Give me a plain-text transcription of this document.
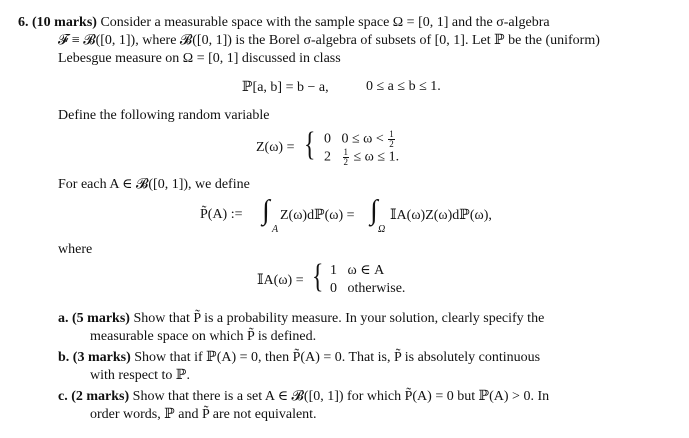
6. (10 marks) Consider a measurable space with the sample space Ω = [0, 1] and the σ-algebra
𝓕 ≡ 𝓑([0, 1]), where 𝓑([0, 1]) is the Borel σ-algebra of subsets of [0, 1]. Let ℙ be the (uniform)
Lebesgue measure on Ω = [0, 1] discussed in class
ℙ[a, b] = b − a,	0 ≤ a ≤ b ≤ 1.
Define the following random variable
Z(ω) = { 0 $0 \le \omega < \frac{1}{2}$
$2 \frac{1}{2} \le \omega \le 1$.
For each A ∈ 𝓑([0, 1]), we define
P̃(A) := ∫
A
Z(ω)dℙ(ω) = ∫
Ω
𝕀A(ω)Z(ω)dℙ(ω),
where
𝕀A(ω) = { 1 ω ∈ A
0 otherwise.
a. (5 marks) Show that P̃ is a probability measure. In your solution, clearly specify the
measurable space on which P̃ is defined.
b. (3 marks) Show that if ℙ(A) = 0, then P̃(A) = 0. That is, P̃ is absolutely continuous
with respect to ℙ.
c. (2 marks) Show that there is a set A ∈ 𝓑([0, 1]) for which P̃(A) = 0 but ℙ(A) > 0. In
order words, ℙ and P̃ are not equivalent.
